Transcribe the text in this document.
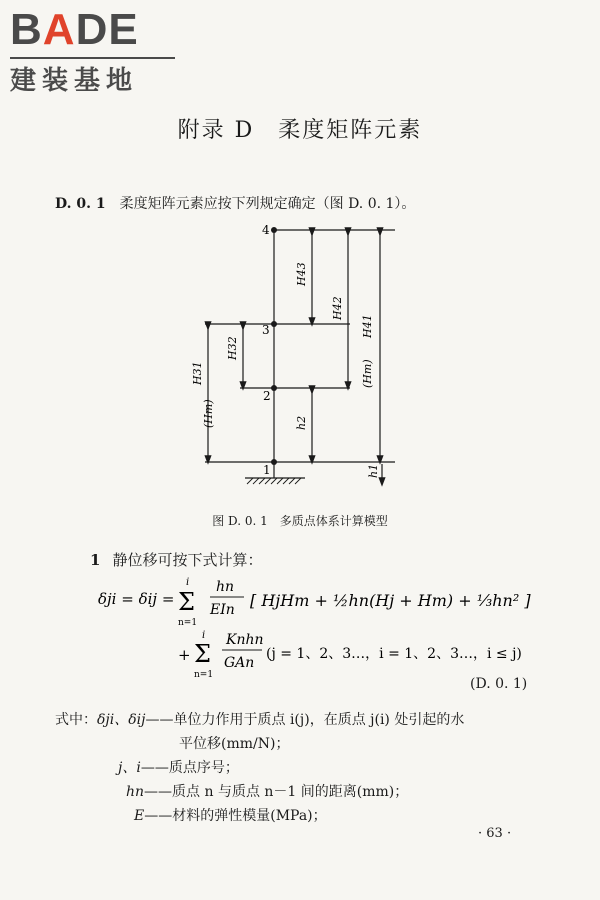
BADE
建装基地
附录 D　柔度矩阵元素
D. 0. 1 柔度矩阵元素应按下列规定确定（图 D. 0. 1）。
4
3
2
1
H43
H42
(Hm)
H41
H32
H31
(Hm)	h2
h1
图 D. 0. 1　多质点体系计算模型
1 静位移可按下式计算：
δji = δij =
i
Σ
n=1
hn
EIn [ HjHm + ½hn(Hj + Hm) + ⅓hn² ]
+
i
Σ
n=1
Knhn
GAn
(j = 1、2、3…，i = 1、2、3…，i ≤ j)
(D. 0. 1)
式中：δji、δij——单位力作用于质点 i(j)，在质点 j(i) 处引起的水
平位移(mm/N)；
j、i——质点序号；
hn——质点 n 与质点 n－1 间的距离(mm)；
E——材料的弹性模量(MPa)；
· 63 ·
